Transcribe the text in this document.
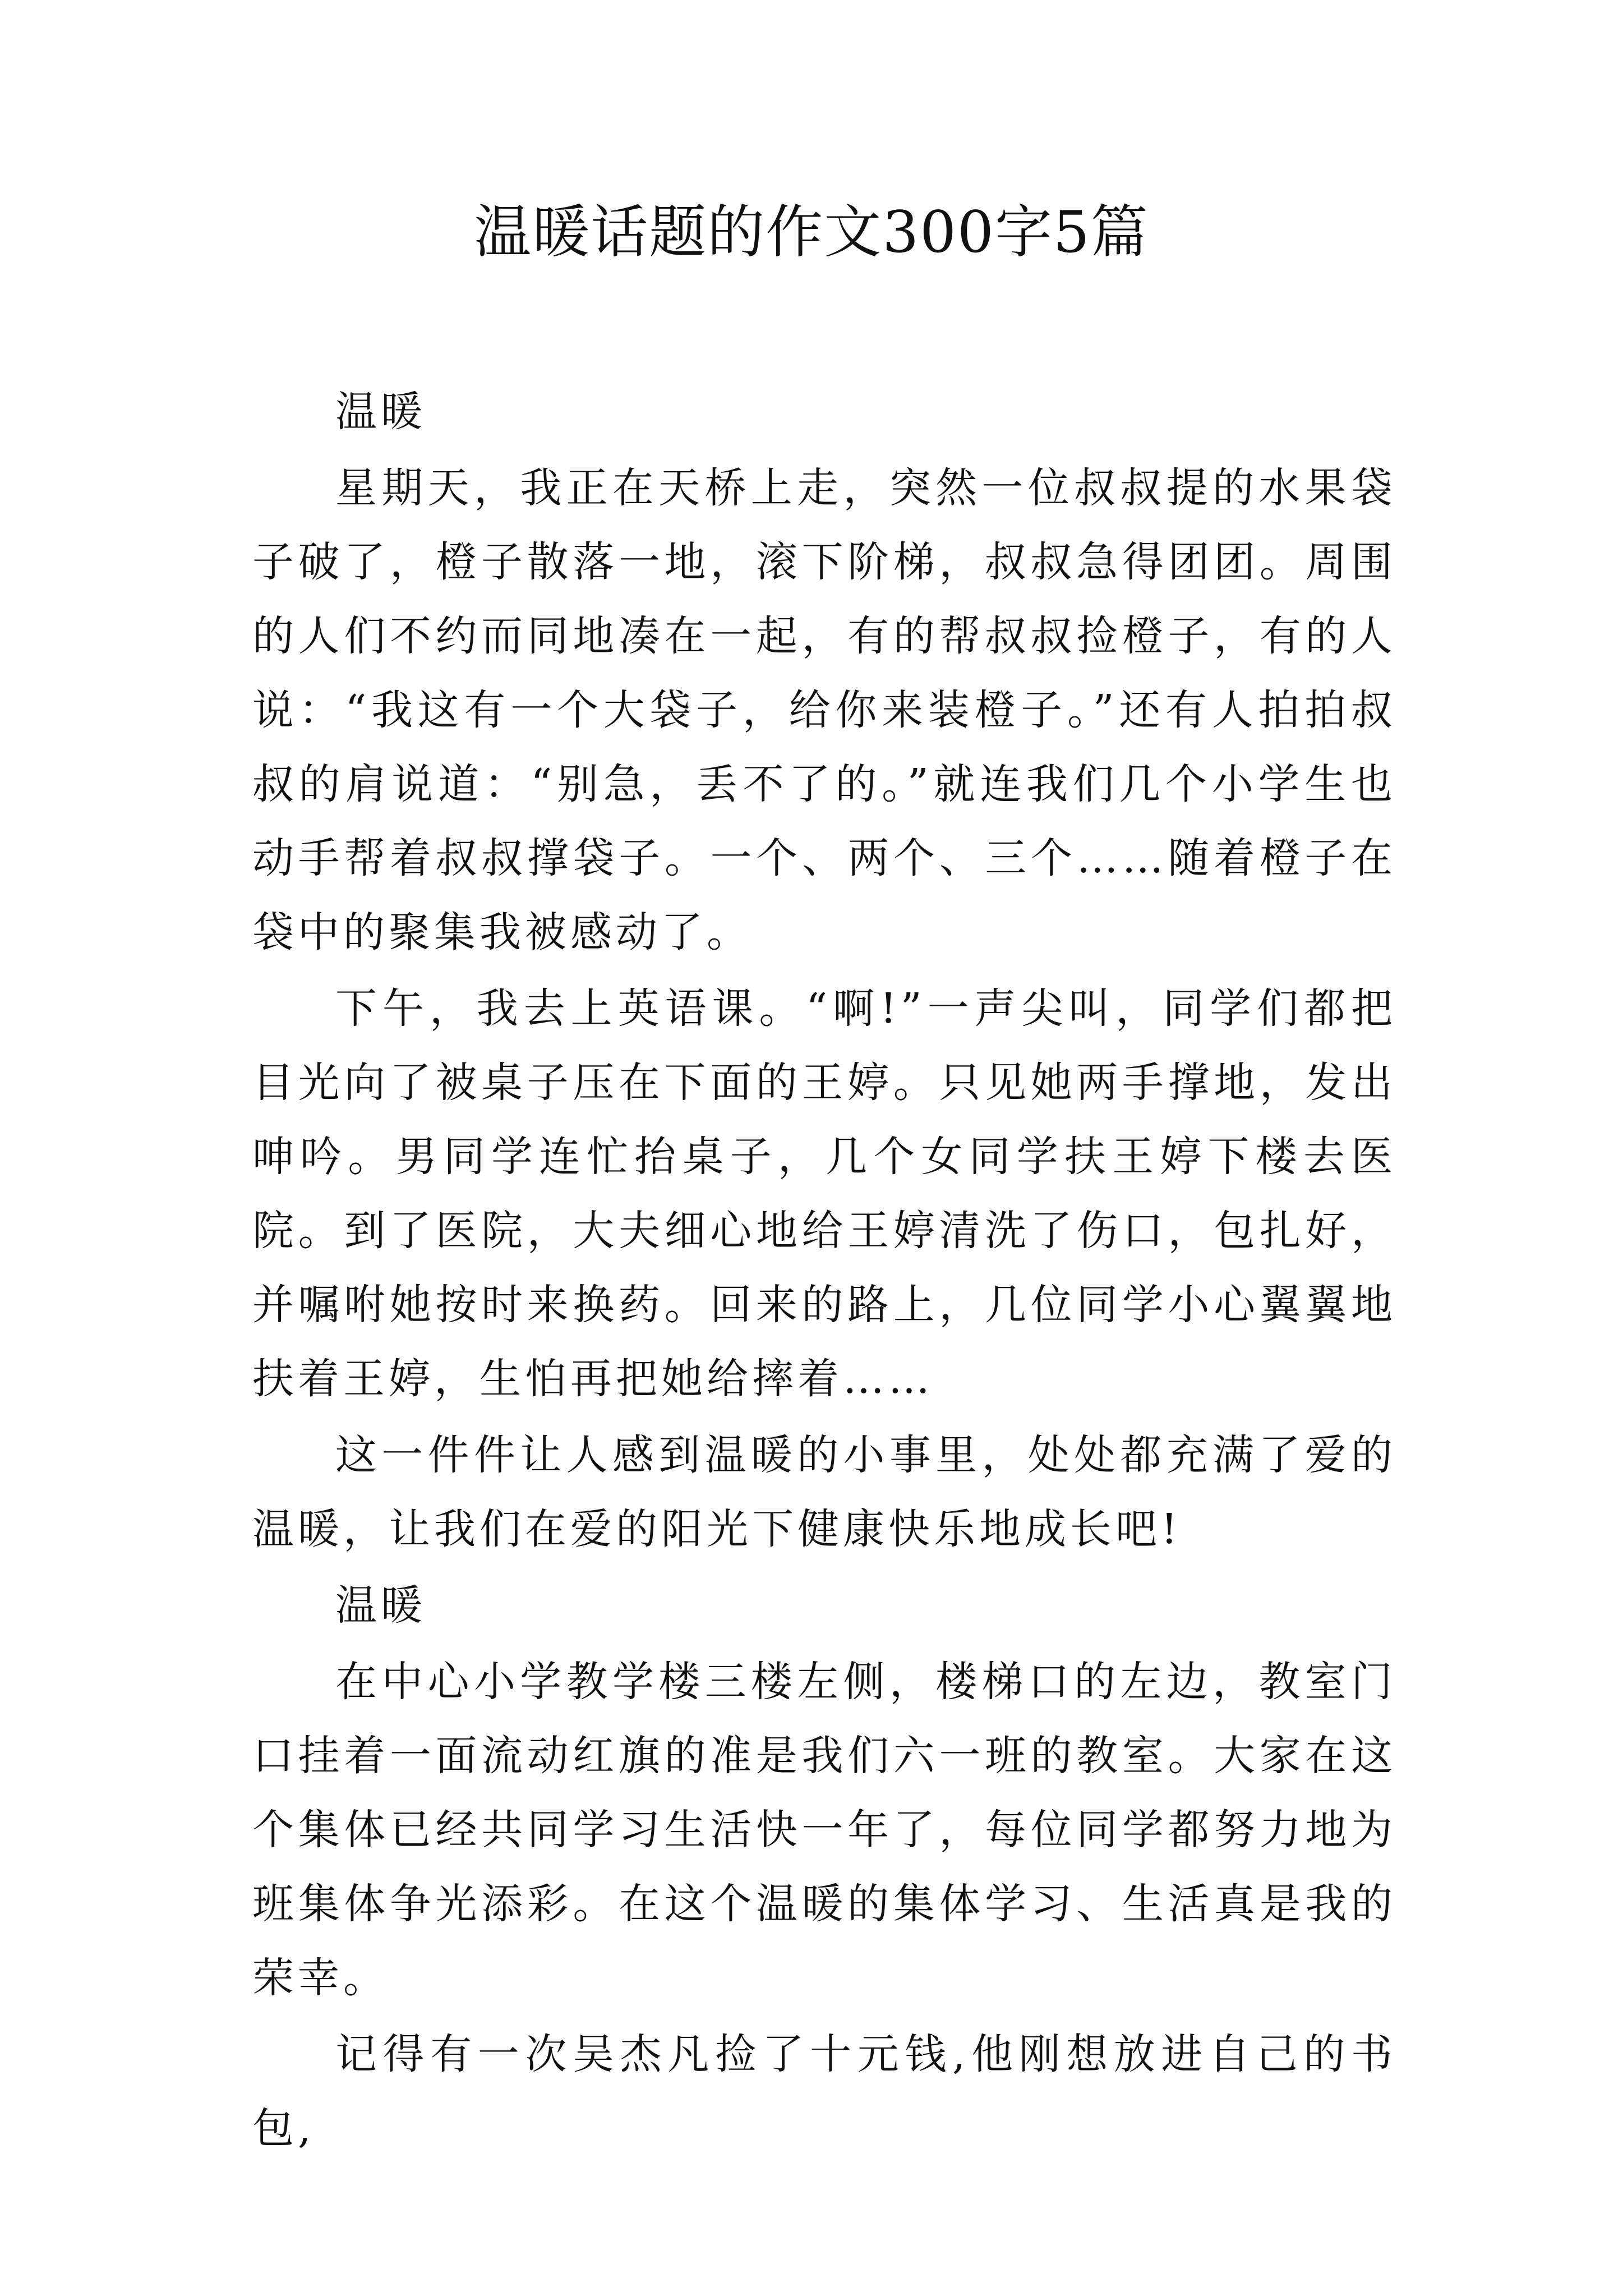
温暖话题的作文300字5篇

温暖

星期天，我正在天桥上走，突然一位叔叔提的水果袋子破了，橙子散落一地，滚下阶梯，叔叔急得团团。周围的人们不约而同地凑在一起，有的帮叔叔捡橙子，有的人说：“我这有一个大袋子，给你来装橙子。”还有人拍拍叔叔的肩说道：“别急，丢不了的。”就连我们几个小学生也动手帮着叔叔撑袋子。一个、两个、三个……随着橙子在袋中的聚集我被感动了。

下午，我去上英语课。“啊!”一声尖叫，同学们都把目光向了被桌子压在下面的王婷。只见她两手撑地，发出呻吟。男同学连忙抬桌子，几个女同学扶王婷下楼去医院。到了医院，大夫细心地给王婷清洗了伤口，包扎好，并嘱咐她按时来换药。回来的路上，几位同学小心翼翼地扶着王婷，生怕再把她给摔着……

这一件件让人感到温暖的小事里，处处都充满了爱的温暖，让我们在爱的阳光下健康快乐地成长吧!

温暖

在中心小学教学楼三楼左侧，楼梯口的左边，教室门口挂着一面流动红旗的准是我们六一班的教室。大家在这个集体已经共同学习生活快一年了，每位同学都努力地为班集体争光添彩。在这个温暖的集体学习、生活真是我的荣幸。

记得有一次吴杰凡捡了十元钱,他刚想放进自己的书包,
